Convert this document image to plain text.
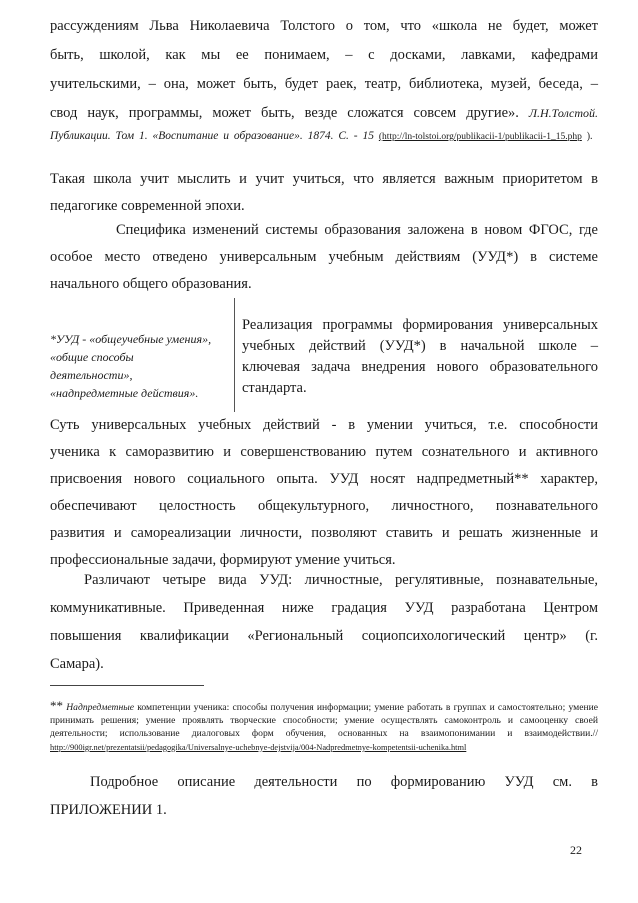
рассуждениям Льва Николаевича Толстого о том, что «школа не будет, может
быть, школой, как мы ее понимаем, – с досками, лавками, кафедрами
учительскими, – она, может быть, будет раек, театр, библиотека, музей, беседа, –
свод наук, программы, может быть, везде сложатся совсем другие». Л.Н.Толстой.
Публикации. Том 1. «Воспитание и образование». 1874. С. - 15 (http://ln-tolstoi.org/publikacii-1/publikacii-1_15.php ).
Такая школа учит мыслить и учит учиться, что является важным приоритетом в
педагогике современной эпохи.
Специфика изменений системы образования заложена в новом ФГОС, где
особое место отведено универсальным учебным действиям (УУД*) в системе
начального общего образования.
*УУД - «общеучебные умения»,
«общие способы
деятельности»,
«надпредметные действия».
Реализация программы формирования универсальных
учебных действий (УУД*) в начальной школе –
ключевая задача внедрения нового образовательного
стандарта.
Суть универсальных учебных действий - в умении учиться, т.е. способности
ученика к саморазвитию и совершенствованию путем сознательного и активного
присвоения нового социального опыта. УУД носят надпредметный** характер,
обеспечивают целостность общекультурного, личностного, познавательного
развития и самореализации личности, позволяют ставить и решать жизненные и
профессиональные задачи, формируют умение учиться.
Различают четыре вида УУД: личностные, регулятивные, познавательные,
коммуникативные. Приведенная ниже градация УУД разработана Центром
повышения квалификации «Региональный социопсихологический центр» (г.
Самара).
** Надпредметные компетенции ученика: способы получения информации; умение работать в группах и самостоятельно; умение
принимать решения; умение проявлять творческие способности; умение осуществлять самоконтроль и самооценку своей
деятельности; использование диалоговых форм обучения, основанных на взаимопонимании и взаимодействии.//
http://900igr.net/prezentatsii/pedagogika/Universalnye-uchebnye-dejstvija/004-Nadpredmetnye-kompetentsii-uchenika.html
Подробное описание деятельности по формированию УУД см. в
ПРИЛОЖЕНИИ 1.
22
